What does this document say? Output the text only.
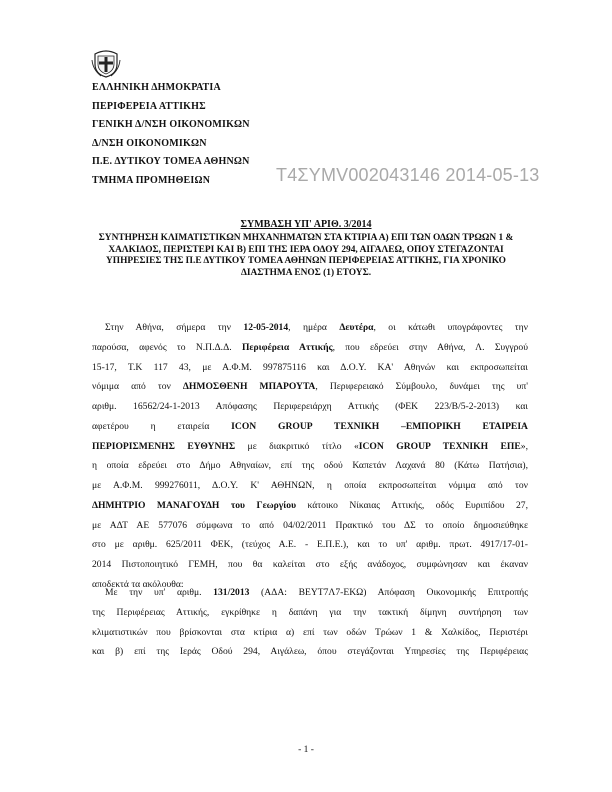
ΕΛΛΗΝΙΚΗ ΔΗΜΟΚΡΑΤΙΑ
ΠΕΡΙΦΕΡΕΙΑ ΑΤΤΙΚΗΣ
ΓΕΝΙΚΗ Δ/ΝΣΗ ΟΙΚΟΝΟΜΙΚΩΝ
Δ/ΝΣΗ ΟΙΚΟΝΟΜΙΚΩΝ
Π.Ε. ΔΥΤΙΚΟΥ ΤΟΜΕΑ ΑΘΗΝΩΝ
ΤΜΗΜΑ ΠΡΟΜΗΘΕΙΩΝ	Τ4ΣΥΜV002043146 2014-05-13
ΣΥΜΒΑΣΗ ΥΠ' ΑΡΙΘ. 3/2014
ΣΥΝΤΗΡΗΣΗ ΚΛΙΜΑΤΙΣΤΙΚΩΝ ΜΗΧΑΝΗΜΑΤΩΝ ΣΤΑ ΚΤΙΡΙΑ Α) ΕΠΙ ΤΩΝ ΟΔΩΝ ΤΡΩΩΝ 1 & ΧΑΛΚΙΔΟΣ, ΠΕΡΙΣΤΕΡΙ ΚΑΙ Β) ΕΠΙ ΤΗΣ ΙΕΡΑ ΟΔΟΥ 294, ΑΙΓΑΛΕΩ, ΟΠΟΥ ΣΤΕΓΑΖΟΝΤΑΙ ΥΠΗΡΕΣΙΕΣ ΤΗΣ Π.Ε ΔΥΤΙΚΟΥ ΤΟΜΕΑ ΑΘΗΝΩΝ ΠΕΡΙΦΕΡΕΙΑΣ ΑΤΤΙΚΗΣ, ΓΙΑ ΧΡΟΝΙΚΟ ΔΙΑΣΤΗΜΑ ΕΝΟΣ (1) ΕΤΟΥΣ.
Στην Αθήνα, σήμερα την 12-05-2014, ημέρα Δευτέρα, οι κάτωθι υπογράφοντες την
παρούσα, αφενός το Ν.Π.Δ.Δ. Περιφέρεια Αττικής, που εδρεύει στην Αθήνα, Λ. Συγγρού
15-17, Τ.Κ 117 43, με Α.Φ.Μ. 997875116 και Δ.Ο.Υ. ΚΑ' Αθηνών και εκπροσωπείται
νόμιμα από τον ΔΗΜΟΣΘΕΝΗ ΜΠΑΡΟΥΤΑ, Περιφερειακό Σύμβουλο, δυνάμει της υπ'
αριθμ. 16562/24-1-2013 Απόφασης Περιφερειάρχη Αττικής (ΦΕΚ 223/Β/5-2-2013) και
αφετέρου η εταιρεία ICON GROUP ΤΕΧΝΙΚΗ –ΕΜΠΟΡΙΚΗ ΕΤΑΙΡΕΙΑ
ΠΕΡΙΟΡΙΣΜΕΝΗΣ ΕΥΘΥΝΗΣ με διακριτικό τίτλο «ICON GROUP ΤΕΧΝΙΚΗ ΕΠΕ»,
η οποία εδρεύει στο Δήμο Αθηναίων, επί της οδού Καπετάν Λαχανά 80 (Κάτω Πατήσια),
με Α.Φ.Μ. 999276011, Δ.Ο.Υ. Κ' ΑΘΗΝΩΝ, η οποία εκπροσωπείται νόμιμα από τον
ΔΗΜΗΤΡΙΟ ΜΑΝΑΓΟΥΔΗ του Γεωργίου κάτοικο Νίκαιας Αττικής, οδός Ευριπίδου 27,
με ΑΔΤ ΑΕ 577076 σύμφωνα το από 04/02/2011 Πρακτικό του ΔΣ το οποίο δημοσιεύθηκε
στο με αριθμ. 625/2011 ΦΕΚ, (τεύχος Α.Ε. - Ε.Π.Ε.), και το υπ' αριθμ. πρωτ. 4917/17-01-
2014 Πιστοποιητικό ΓΕΜΗ, που θα καλείται στο εξής ανάδοχος, συμφώνησαν και έκαναν
αποδεκτά τα ακόλουθα:
Με την υπ' αριθμ. 131/2013 (ΑΔΑ: ΒΕΥΤ7Λ7-ΕΚΩ) Απόφαση Οικονομικής Επιτροπής
της Περιφέρειας Αττικής, εγκρίθηκε η δαπάνη για την τακτική δίμηνη συντήρηση των
κλιματιστικών που βρίσκονται στα κτίρια α) επί των οδών Τρώων 1 & Χαλκίδος, Περιστέρι
και β) επί της Ιεράς Οδού 294, Αιγάλεω, όπου στεγάζονται Υπηρεσίες της Περιφέρειας
- 1 -
